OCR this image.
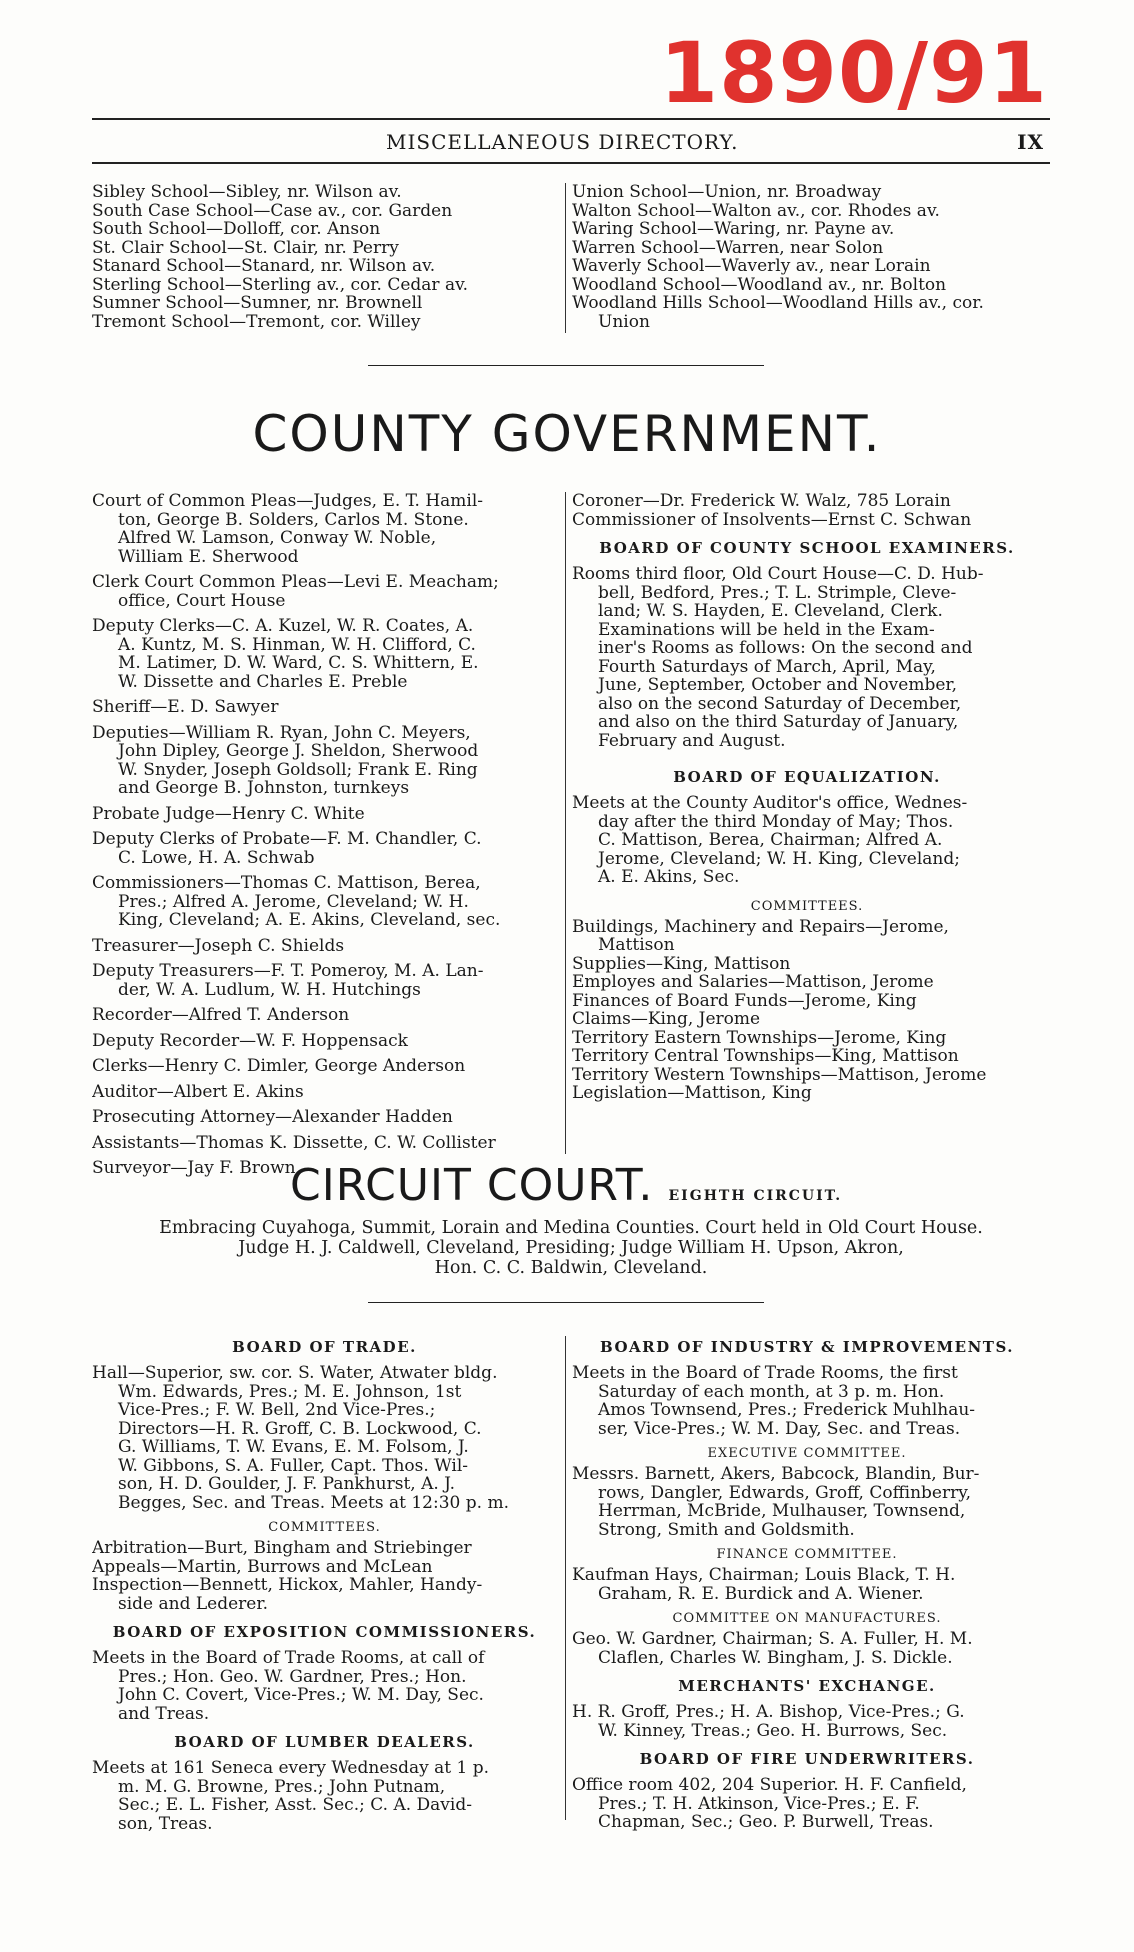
1890/91
MISCELLANEOUS DIRECTORY.	IX
Sibley School—Sibley, nr. Wilson av.
South Case School—Case av., cor. Garden
South School—Dolloff, cor. Anson
St. Clair School—St. Clair, nr. Perry
Stanard School—Stanard, nr. Wilson av.
Sterling School—Sterling av., cor. Cedar av.
Sumner School—Sumner, nr. Brownell
Tremont School—Tremont, cor. Willey
Union School—Union, nr. Broadway
Walton School—Walton av., cor. Rhodes av.
Waring School—Waring, nr. Payne av.
Warren School—Warren, near Solon
Waverly School—Waverly av., near Lorain
Woodland School—Woodland av., nr. Bolton
Woodland Hills School—Woodland Hills av., cor.
Union
COUNTY GOVERNMENT.
Court of Common Pleas—Judges, E. T. Hamil-
ton, George B. Solders, Carlos M. Stone.
Alfred W. Lamson, Conway W. Noble,
William E. Sherwood
Clerk Court Common Pleas—Levi E. Meacham;
office, Court House
Deputy Clerks—C. A. Kuzel, W. R. Coates, A.
A. Kuntz, M. S. Hinman, W. H. Clifford, C.
M. Latimer, D. W. Ward, C. S. Whittern, E.
W. Dissette and Charles E. Preble
Sheriff—E. D. Sawyer
Deputies—William R. Ryan, John C. Meyers,
John Dipley, George J. Sheldon, Sherwood
W. Snyder, Joseph Goldsoll; Frank E. Ring
and George B. Johnston, turnkeys
Probate Judge—Henry C. White
Deputy Clerks of Probate—F. M. Chandler, C.
C. Lowe, H. A. Schwab
Commissioners—Thomas C. Mattison, Berea,
Pres.; Alfred A. Jerome, Cleveland; W. H.
King, Cleveland; A. E. Akins, Cleveland, sec.
Treasurer—Joseph C. Shields
Deputy Treasurers—F. T. Pomeroy, M. A. Lan-
der, W. A. Ludlum, W. H. Hutchings
Recorder—Alfred T. Anderson
Deputy Recorder—W. F. Hoppensack
Clerks—Henry C. Dimler, George Anderson
Auditor—Albert E. Akins
Prosecuting Attorney—Alexander Hadden
Assistants—Thomas K. Dissette, C. W. Collister
Surveyor—Jay F. Brown
Coroner—Dr. Frederick W. Walz, 785 Lorain
Commissioner of Insolvents—Ernst C. Schwan
BOARD OF COUNTY SCHOOL EXAMINERS.
Rooms third floor, Old Court House—C. D. Hub-
bell, Bedford, Pres.; T. L. Strimple, Cleve-
land; W. S. Hayden, E. Cleveland, Clerk.
Examinations will be held in the Exam-
iner's Rooms as follows: On the second and
Fourth Saturdays of March, April, May,
June, September, October and November,
also on the second Saturday of December,
and also on the third Saturday of January,
February and August.
BOARD OF EQUALIZATION.
Meets at the County Auditor's office, Wednes-
day after the third Monday of May; Thos.
C. Mattison, Berea, Chairman; Alfred A.
Jerome, Cleveland; W. H. King, Cleveland;
A. E. Akins, Sec.
COMMITTEES.
Buildings, Machinery and Repairs—Jerome,
Mattison
Supplies—King, Mattison
Employes and Salaries—Mattison, Jerome
Finances of Board Funds—Jerome, King
Claims—King, Jerome
Territory Eastern Townships—Jerome, King
Territory Central Townships—King, Mattison
Territory Western Townships—Mattison, Jerome
Legislation—Mattison, King
CIRCUIT COURT. EIGHTH CIRCUIT.
Embracing Cuyahoga, Summit, Lorain and Medina Counties. Court held in Old Court House.
Judge H. J. Caldwell, Cleveland, Presiding; Judge William H. Upson, Akron,
Hon. C. C. Baldwin, Cleveland.
BOARD OF TRADE.
Hall—Superior, sw. cor. S. Water, Atwater bldg.
Wm. Edwards, Pres.; M. E. Johnson, 1st
Vice-Pres.; F. W. Bell, 2nd Vice-Pres.;
Directors—H. R. Groff, C. B. Lockwood, C.
G. Williams, T. W. Evans, E. M. Folsom, J.
W. Gibbons, S. A. Fuller, Capt. Thos. Wil-
son, H. D. Goulder, J. F. Pankhurst, A. J.
Begges, Sec. and Treas. Meets at 12:30 p. m.
COMMITTEES.
Arbitration—Burt, Bingham and Striebinger
Appeals—Martin, Burrows and McLean
Inspection—Bennett, Hickox, Mahler, Handy-
side and Lederer.
BOARD OF EXPOSITION COMMISSIONERS.
Meets in the Board of Trade Rooms, at call of
Pres.; Hon. Geo. W. Gardner, Pres.; Hon.
John C. Covert, Vice-Pres.; W. M. Day, Sec.
and Treas.
BOARD OF LUMBER DEALERS.
Meets at 161 Seneca every Wednesday at 1 p.
m. M. G. Browne, Pres.; John Putnam,
Sec.; E. L. Fisher, Asst. Sec.; C. A. David-
son, Treas.
BOARD OF INDUSTRY & IMPROVEMENTS.
Meets in the Board of Trade Rooms, the first
Saturday of each month, at 3 p. m. Hon.
Amos Townsend, Pres.; Frederick Muhlhau-
ser, Vice-Pres.; W. M. Day, Sec. and Treas.
EXECUTIVE COMMITTEE.
Messrs. Barnett, Akers, Babcock, Blandin, Bur-
rows, Dangler, Edwards, Groff, Coffinberry,
Herrman, McBride, Mulhauser, Townsend,
Strong, Smith and Goldsmith.
FINANCE COMMITTEE.
Kaufman Hays, Chairman; Louis Black, T. H.
Graham, R. E. Burdick and A. Wiener.
COMMITTEE ON MANUFACTURES.
Geo. W. Gardner, Chairman; S. A. Fuller, H. M.
Claflen, Charles W. Bingham, J. S. Dickle.
MERCHANTS' EXCHANGE.
H. R. Groff, Pres.; H. A. Bishop, Vice-Pres.; G.
W. Kinney, Treas.; Geo. H. Burrows, Sec.
BOARD OF FIRE UNDERWRITERS.
Office room 402, 204 Superior. H. F. Canfield,
Pres.; T. H. Atkinson, Vice-Pres.; E. F.
Chapman, Sec.; Geo. P. Burwell, Treas.
